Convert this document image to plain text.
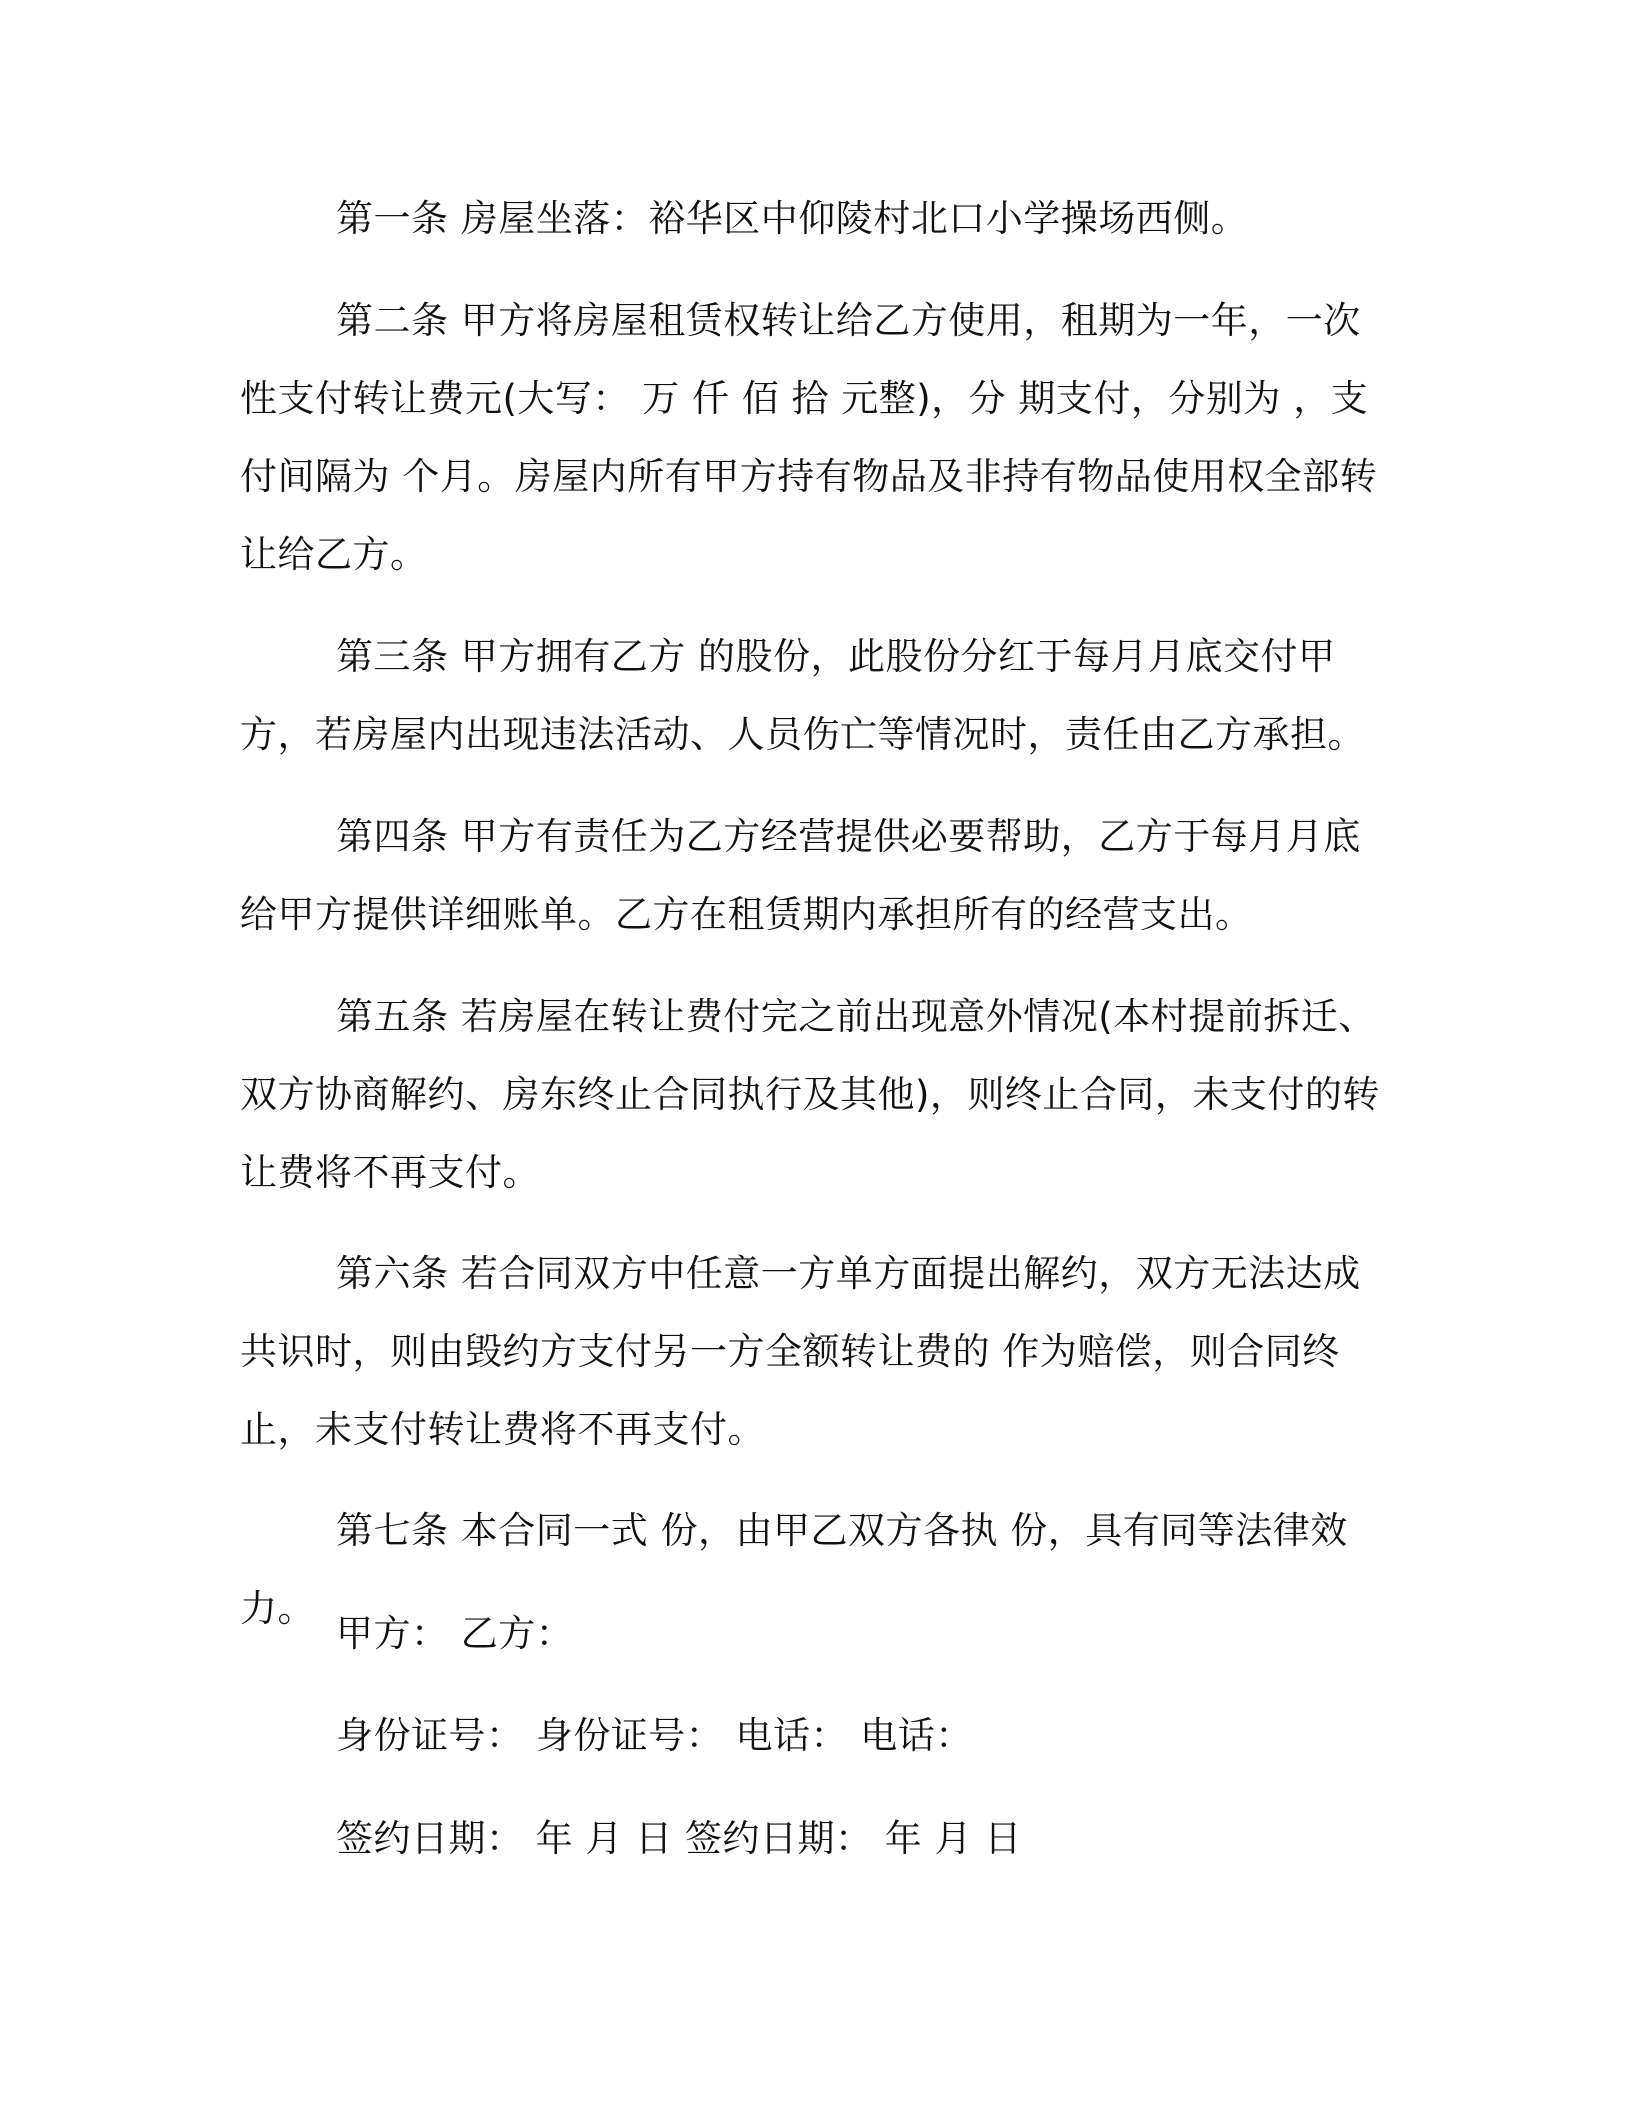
第一条 房屋坐落：裕华区中仰陵村北口小学操场西侧。

第二条 甲方将房屋租赁权转让给乙方使用，租期为一年，一次性支付转让费元(大写： 万 仟 佰 拾 元整)，分 期支付，分别为 ，支付间隔为 个月。房屋内所有甲方持有物品及非持有物品使用权全部转让给乙方。

第三条 甲方拥有乙方 的股份，此股份分红于每月月底交付甲方，若房屋内出现违法活动、人员伤亡等情况时，责任由乙方承担。

第四条 甲方有责任为乙方经营提供必要帮助，乙方于每月月底给甲方提供详细账单。乙方在租赁期内承担所有的经营支出。

第五条 若房屋在转让费付完之前出现意外情况(本村提前拆迁、双方协商解约、房东终止合同执行及其他)，则终止合同，未支付的转让费将不再支付。

第六条 若合同双方中任意一方单方面提出解约，双方无法达成共识时，则由毁约方支付另一方全额转让费的 作为赔偿，则合同终止，未支付转让费将不再支付。

第七条 本合同一式 份，由甲乙双方各执 份，具有同等法律效力。

甲方： 乙方：

身份证号： 身份证号： 电话： 电话：

签约日期： 年 月 日 签约日期： 年 月 日
